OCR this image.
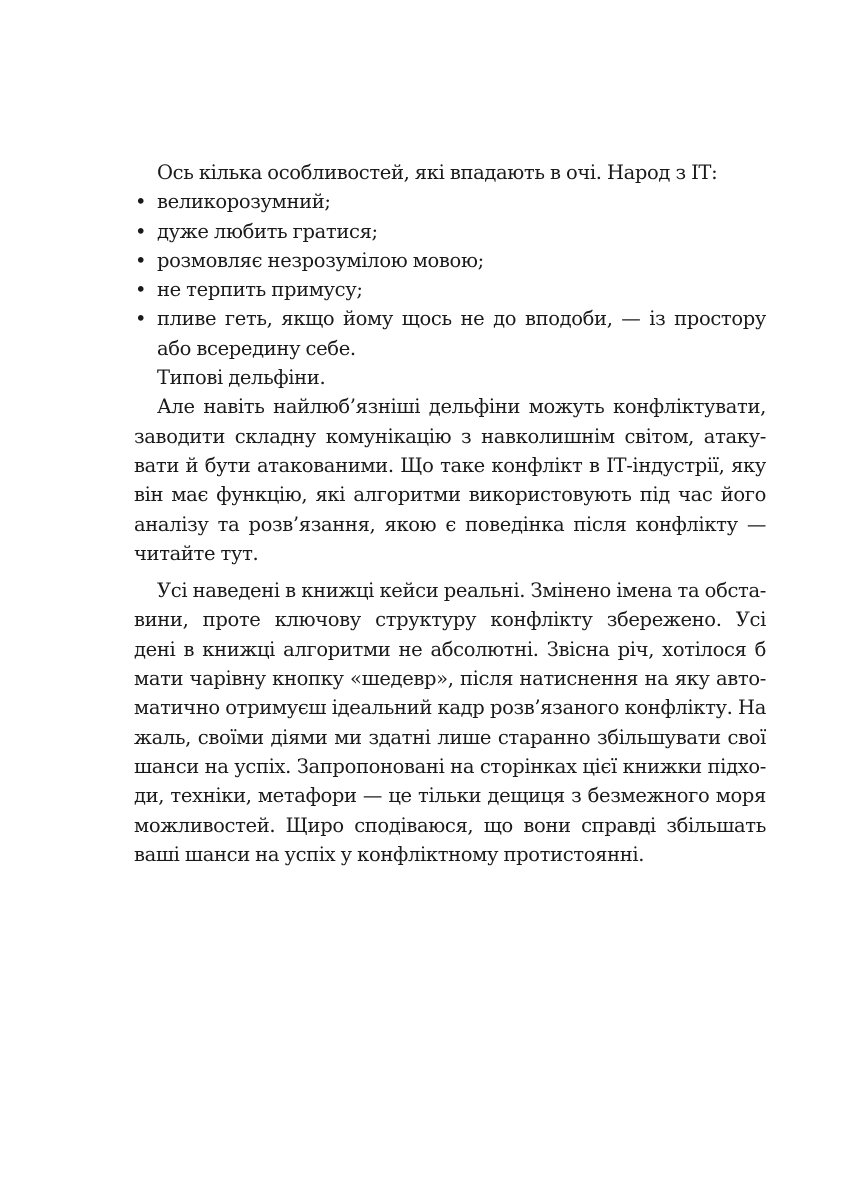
Ось кілька особливостей, які впадають в очі. Народ з ІТ:
• великорозумний;
• дуже любить гратися;
• розмовляє незрозумілою мовою;
• не терпить примусу;
• пливе геть, якщо йому щось не до вподоби, — із простору
або всередину себе.
Типові дельфіни.
Але навіть найлюб’язніші дельфіни можуть конфліктувати,
заводити складну комунікацію з навколишнім світом, атаку-
вати й бути атакованими. Що таке конфлікт в ІТ-індустрії, яку
він має функцію, які алгоритми використовують під час його
аналізу та розв’язання, якою є поведінка після конфлікту —
читайте тут.
Усі наведені в книжці кейси реальні. Змінено імена та обста-
вини, проте ключову структуру конфлікту збережено. Усі
дені в книжці алгоритми не абсолютні. Звісна річ, хотілося б
мати чарівну кнопку «шедевр», після натиснення на яку авто-
матично отримуєш ідеальний кадр розв’язаного конфлікту. На
жаль, своїми діями ми здатні лише старанно збільшувати свої
шанси на успіх. Запропоновані на сторінках цієї книжки підхо-
ди, техніки, метафори — це тільки дещиця з безмежного моря
можливостей. Щиро сподіваюся, що вони справді збільшать
ваші шанси на успіх у конфліктному протистоянні.
